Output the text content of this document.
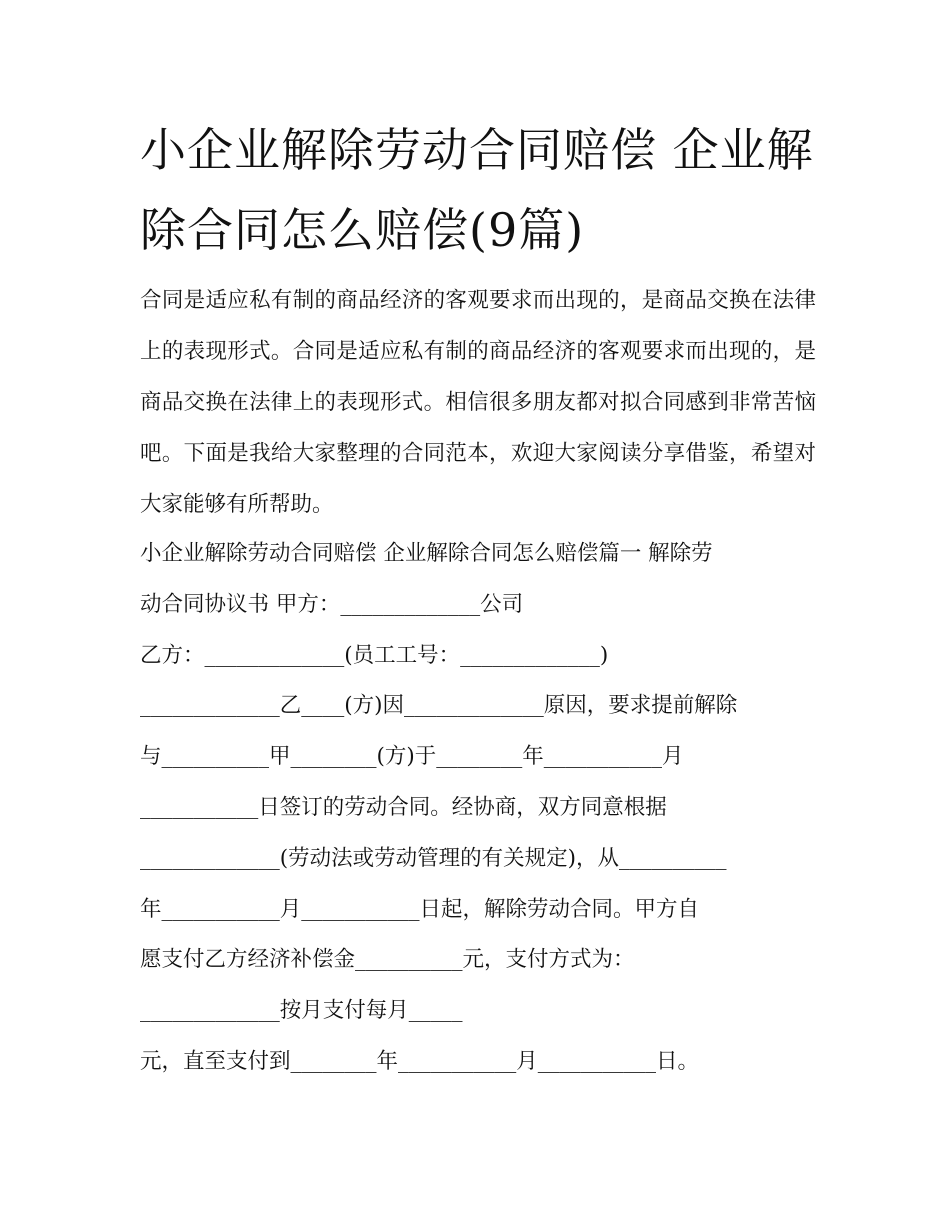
小企业解除劳动合同赔偿 企业解除合同怎么赔偿(9篇)

合同是适应私有制的商品经济的客观要求而出现的，是商品交换在法律上的表现形式。合同是适应私有制的商品经济的客观要求而出现的，是商品交换在法律上的表现形式。相信很多朋友都对拟合同感到非常苦恼吧。下面是我给大家整理的合同范本，欢迎大家阅读分享借鉴，希望对大家能够有所帮助。

小企业解除劳动合同赔偿 企业解除合同怎么赔偿篇一 解除劳

动合同协议书 甲方：_____________公司

乙方：_____________(员工工号：_____________)

_____________乙____(方)因_____________原因，要求提前解除

与__________甲________(方)于________年___________月

___________日签订的劳动合同。经协商，双方同意根据

_____________(劳动法或劳动管理的有关规定)，从__________

年___________月___________日起，解除劳动合同。甲方自

愿支付乙方经济补偿金__________元，支付方式为：

_____________按月支付每月_____

元，直至支付到________年___________月___________日。
